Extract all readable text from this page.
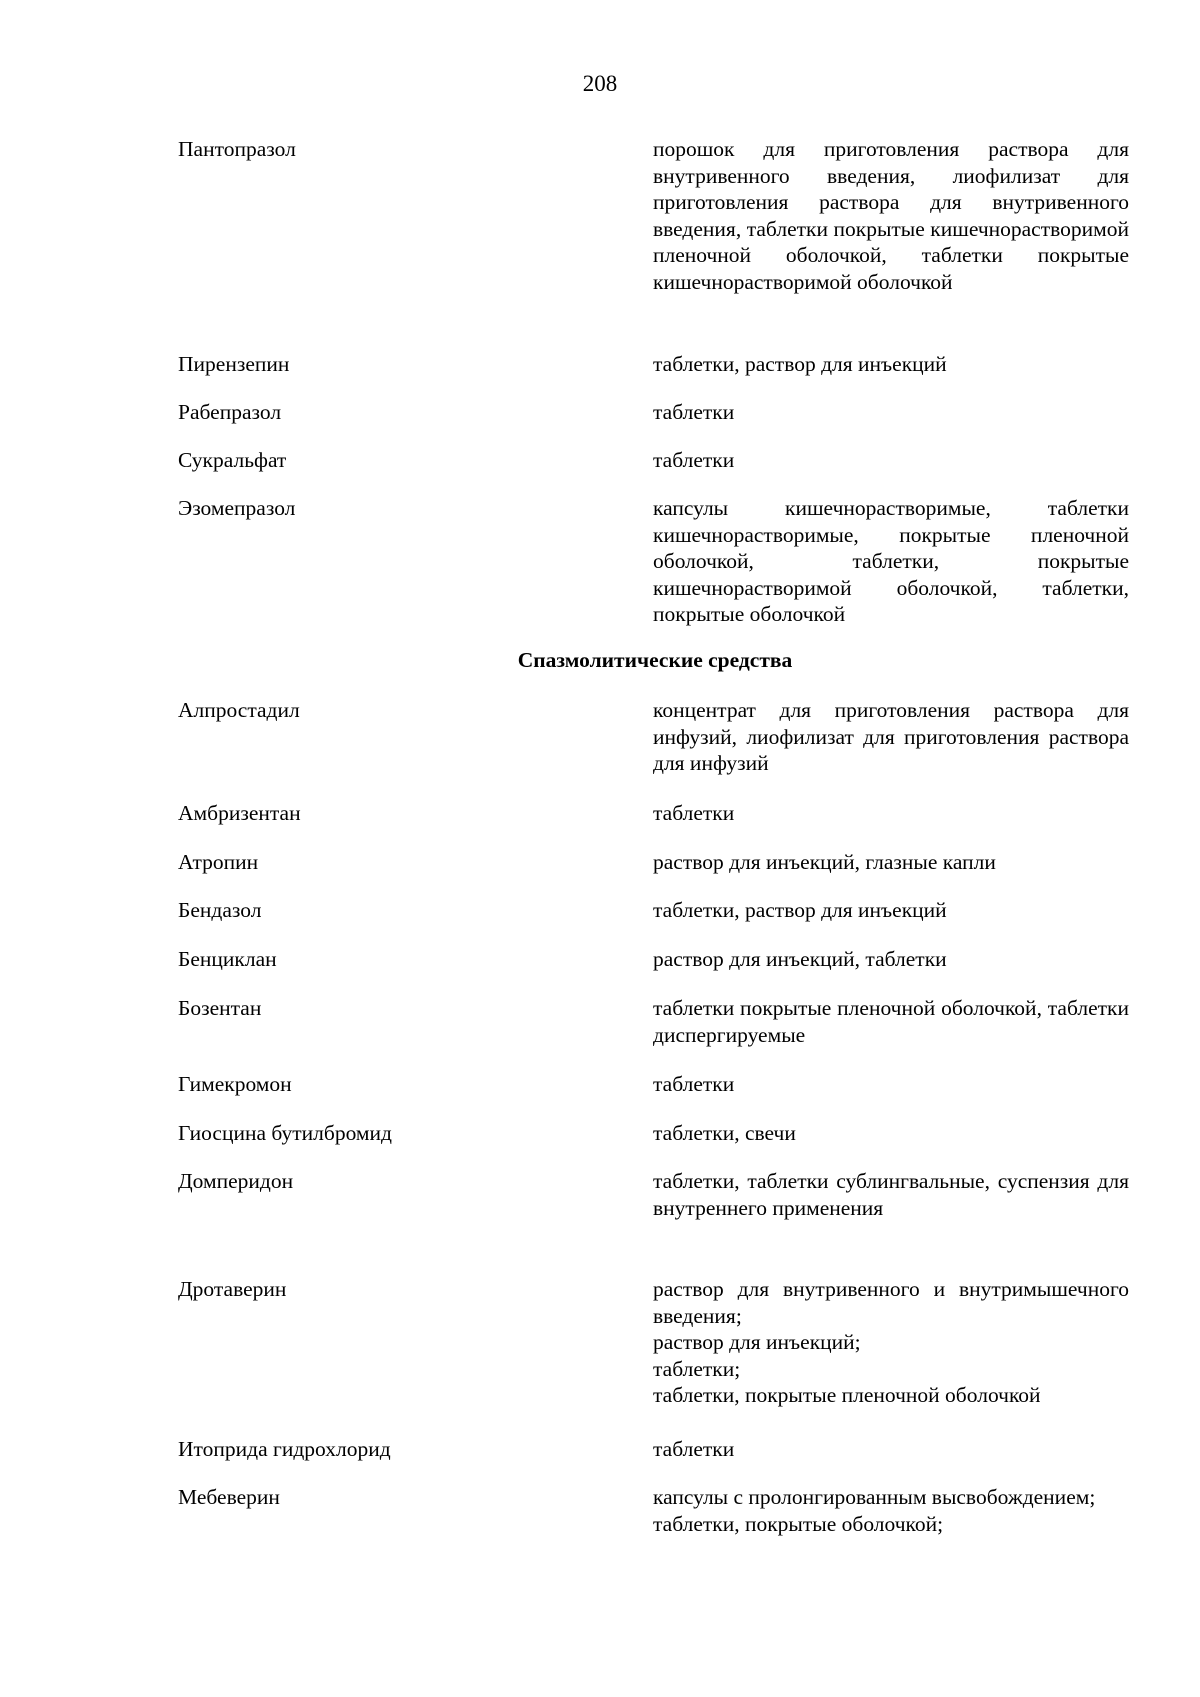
208
Пантопразол	порошок для приготовления раствора для внутривенного введения, лиофилизат для приготовления раствора для внутривенного введения, таблетки покрытые кишечнорастворимой пленочной оболочкой, таблетки покрытые кишечнорастворимой оболочкой
Пирензепин	таблетки, раствор для инъекций
Рабепразол	таблетки
Сукральфат	таблетки
Эзомепразол	капсулы кишечнорастворимые, таблетки кишечнорастворимые, покрытые пленочной оболочкой, таблетки, покрытые кишечнорастворимой оболочкой, таблетки, покрытые оболочкой
Спазмолитические средства
Алпростадил	концентрат для приготовления раствора для инфузий, лиофилизат для приготовления раствора для инфузий
Амбризентан	таблетки
Атропин	раствор для инъекций, глазные капли
Бендазол	таблетки, раствор для инъекций
Бенциклан	раствор для инъекций, таблетки
Бозентан	таблетки покрытые пленочной оболочкой, таблетки диспергируемые
Гимекромон	таблетки
Гиосцина бутилбромид	таблетки, свечи
Домперидон	таблетки, таблетки сублингвальные, суспензия для внутреннего применения
Дротаверин	раствор для внутривенного и внутримышечного введения;
раствор для инъекций;
таблетки;
таблетки, покрытые пленочной оболочкой
Итоприда гидрохлорид	таблетки
Мебеверин	капсулы с пролонгированным высвобождением;
таблетки, покрытые оболочкой;
